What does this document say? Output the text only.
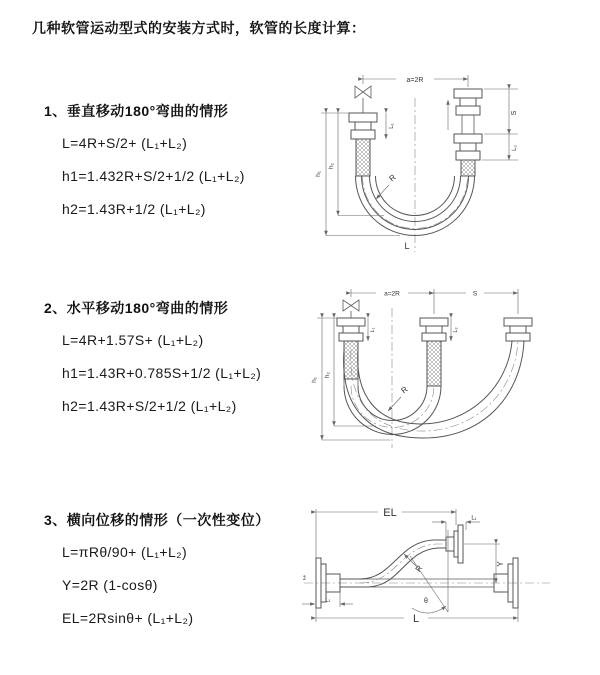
几种软管运动型式的安装方式时，软管的长度计算：

1、垂直移动180°弯曲的情形

L=4R+S/2+ (L₁+L₂)

h1=1.432R+S/2+1/2 (L₁+L₂)

h2=1.43R+1/2 (L₁+L₂)

2、水平移动180°弯曲的情形

L=4R+1.57S+ (L₁+L₂)

h1=1.43R+0.785S+1/2 (L₁+L₂)

h2=1.43R+S/2+1/2 (L₁+L₂)

3、横向位移的情形（一次性变位）

L=πRθ/90+ (L₁+L₂)

Y=2R (1-cosθ)

EL=2Rsinθ+ (L₁+L₂)

a=2R
L₁
S
L₂
h₁
h₂
R
L
a=2R	S
L₁	L₂
h₁
h₂
R
z̄
EL	L₁
Y
θ
R
L
L₁
